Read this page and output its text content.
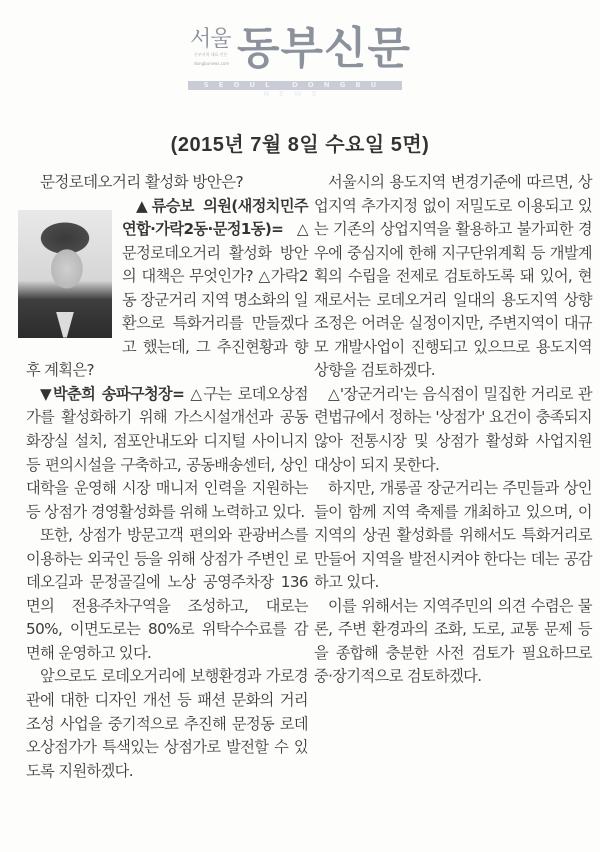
서울
동부지역 대표 언론
dongbunews.com 동부신문
SEOUL DONGBU NEWS
(2015년 7월 8일 수요일 5면)

문정로데오거리 활성화 방안은?

▲류승보 의원(새정치민주연합·가락2동·문정1동)= △문정로데오거리 활성화 방안의 대책은 무엇인가? △가락2동 장군거리 지역 명소화의 일환으로 특화거리를 만들겠다고 했는데, 그 추진현황과 향후 계획은?

▼박춘희 송파구청장= △구는 로데오상점가를 활성화하기 위해 가스시설개선과 공동화장실 설치, 점포안내도와 디지털 사이니지 등 편의시설을 구축하고, 공동배송센터, 상인대학을 운영해 시장 매니저 인력을 지원하는 등 상점가 경영활성화를 위해 노력하고 있다.

또한, 상점가 방문고객 편의와 관광버스를 이용하는 외국인 등을 위해 상점가 주변인 로데오길과 문정골길에 노상 공영주차장 136면의 전용주차구역을 조성하고, 대로는 50%, 이면도로는 80%로 위탁수수료를 감면해 운영하고 있다.

앞으로도 로데오거리에 보행환경과 가로경관에 대한 디자인 개선 등 패션 문화의 거리조성 사업을 중기적으로 추진해 문정동 로데오상점가가 특색있는 상점가로 발전할 수 있도록 지원하겠다.

서울시의 용도지역 변경기준에 따르면, 상업지역 추가지정 없이 저밀도로 이용되고 있는 기존의 상업지역을 활용하고 불가피한 경우에 중심지에 한해 지구단위계획 등 개발계획의 수립을 전제로 검토하도록 돼 있어, 현재로서는 로데오거리 일대의 용도지역 상향조정은 어려운 실정이지만, 주변지역이 대규모 개발사업이 진행되고 있으므로 용도지역 상향을 검토하겠다.

△'장군거리'는 음식점이 밀집한 거리로 관련법규에서 정하는 '상점가' 요건이 충족되지 않아 전통시장 및 상점가 활성화 사업지원 대상이 되지 못한다.

하지만, 개롱골 장군거리는 주민들과 상인들이 함께 지역 축제를 개최하고 있으며, 이 지역의 상권 활성화를 위해서도 특화거리로 만들어 지역을 발전시켜야 한다는 데는 공감하고 있다.

이를 위해서는 지역주민의 의견 수렴은 물론, 주변 환경과의 조화, 도로, 교통 문제 등을 종합해 충분한 사전 검토가 필요하므로 중·장기적으로 검토하겠다.
